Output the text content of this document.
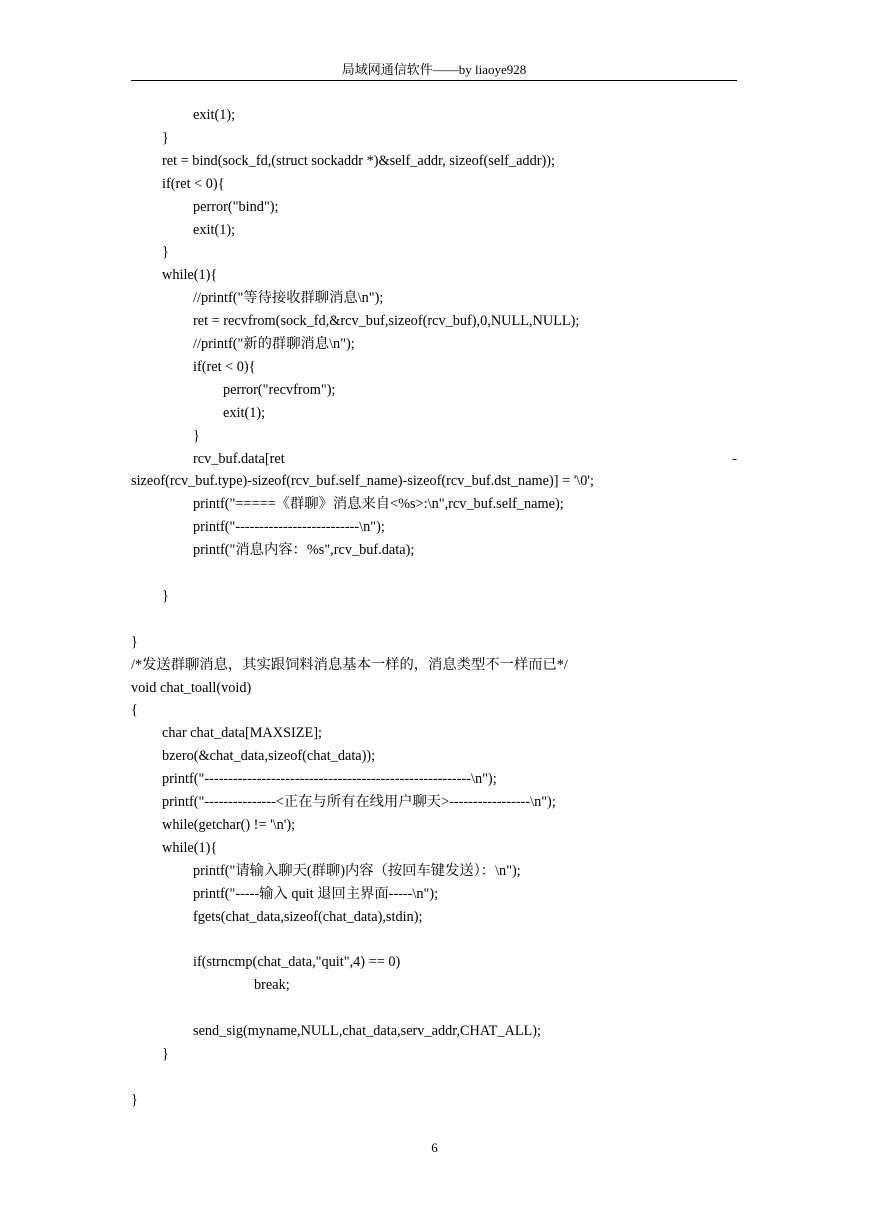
局域网通信软件——by liaoye928
exit(1);
}
ret = bind(sock_fd,(struct sockaddr *)&self_addr, sizeof(self_addr));
if(ret < 0){
perror("bind");
exit(1);
}
while(1){
//printf("等待接收群聊消息\n");
ret = recvfrom(sock_fd,&rcv_buf,sizeof(rcv_buf),0,NULL,NULL);
//printf("新的群聊消息\n");
if(ret < 0){
perror("recvfrom");
exit(1);
}
rcv_buf.data[ret	-
sizeof(rcv_buf.type)-sizeof(rcv_buf.self_name)-sizeof(rcv_buf.dst_name)] = '\0';
printf("=====《群聊》消息来自<%s>:\n",rcv_buf.self_name);
printf("--------------------------\n");
printf("消息内容：%s",rcv_buf.data);
}
}
/*发送群聊消息，其实跟饲料消息基本一样的，消息类型不一样而已*/
void chat_toall(void)
{
char chat_data[MAXSIZE];
bzero(&chat_data,sizeof(chat_data));
printf("--------------------------------------------------------\n");
printf("---------------<正在与所有在线用户聊天>-----------------\n");
while(getchar() != '\n');
while(1){
printf("请输入聊天(群聊)内容（按回车键发送）：\n");
printf("-----输入 quit 退回主界面-----\n");
fgets(chat_data,sizeof(chat_data),stdin);
if(strncmp(chat_data,"quit",4) == 0)
break;
send_sig(myname,NULL,chat_data,serv_addr,CHAT_ALL);
}
}
6
